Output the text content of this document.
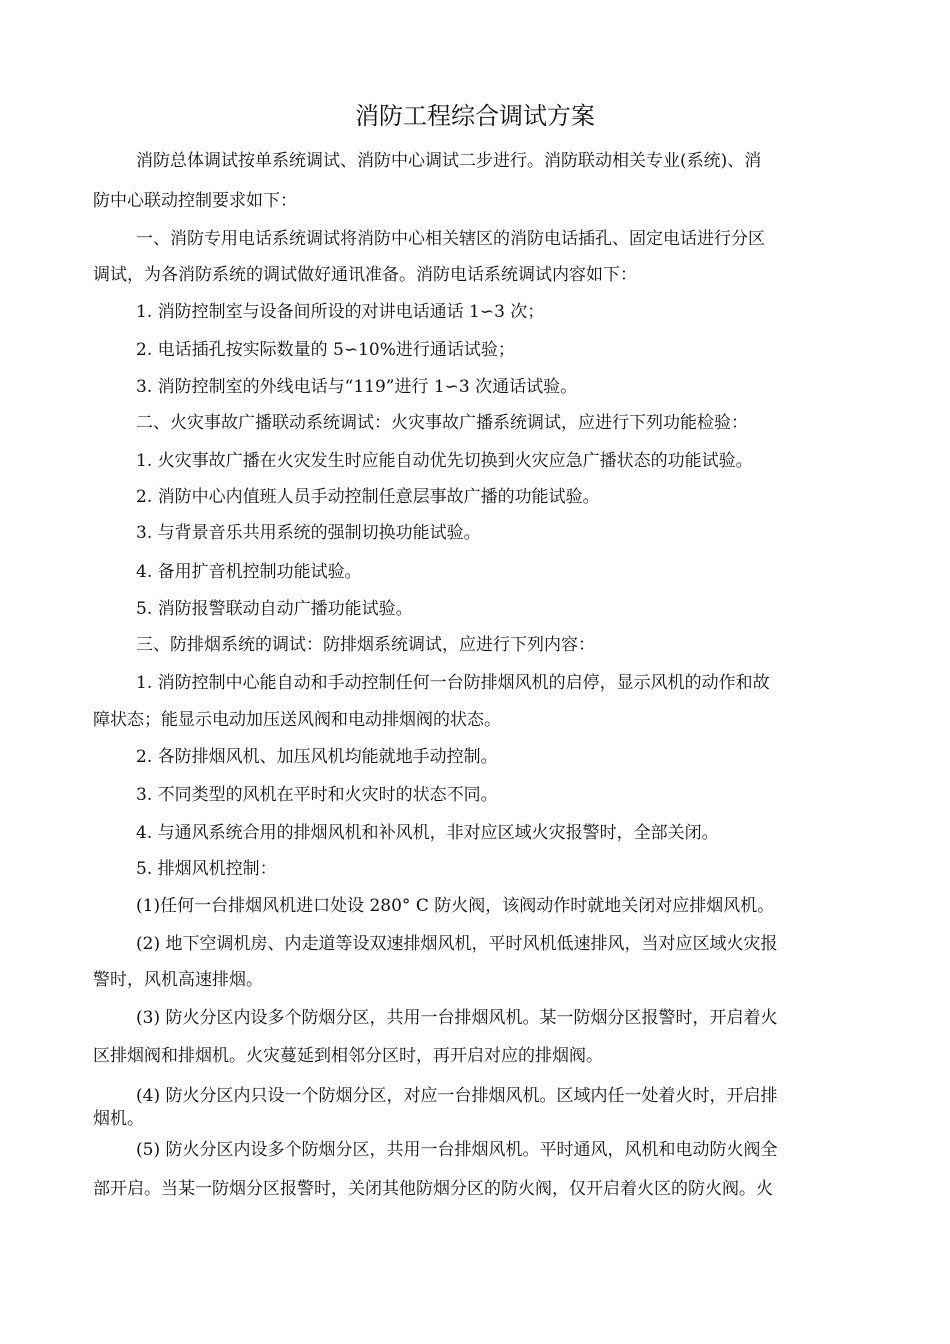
消防工程综合调试方案
消防总体调试按单系统调试、消防中心调试二步进行。消防联动相关专业(系统)、消
防中心联动控制要求如下：
一、消防专用电话系统调试将消防中心相关辖区的消防电话插孔、固定电话进行分区
调试，为各消防系统的调试做好通讯准备。消防电话系统调试内容如下：
1. 消防控制室与设备间所设的对讲电话通话 1∽3 次；
2. 电话插孔按实际数量的 5∽10%进行通话试验；
3. 消防控制室的外线电话与“119”进行 1∽3 次通话试验。
二、火灾事故广播联动系统调试：火灾事故广播系统调试，应进行下列功能检验：
1. 火灾事故广播在火灾发生时应能自动优先切换到火灾应急广播状态的功能试验。
2. 消防中心内值班人员手动控制任意层事故广播的功能试验。
3. 与背景音乐共用系统的强制切换功能试验。
4. 备用扩音机控制功能试验。
5. 消防报警联动自动广播功能试验。
三、防排烟系统的调试：防排烟系统调试，应进行下列内容：
1. 消防控制中心能自动和手动控制任何一台防排烟风机的启停，显示风机的动作和故
障状态；能显示电动加压送风阀和电动排烟阀的状态。
2. 各防排烟风机、加压风机均能就地手动控制。
3. 不同类型的风机在平时和火灾时的状态不同。
4. 与通风系统合用的排烟风机和补风机，非对应区域火灾报警时，全部关闭。
5. 排烟风机控制：
(1)任何一台排烟风机进口处设 280° C 防火阀，该阀动作时就地关闭对应排烟风机。
(2) 地下空调机房、内走道等设双速排烟风机，平时风机低速排风，当对应区域火灾报
警时，风机高速排烟。
(3) 防火分区内设多个防烟分区，共用一台排烟风机。某一防烟分区报警时，开启着火
区排烟阀和排烟机。火灾蔓延到相邻分区时，再开启对应的排烟阀。
(4) 防火分区内只设一个防烟分区，对应一台排烟风机。区域内任一处着火时，开启排
烟机。
(5) 防火分区内设多个防烟分区，共用一台排烟风机。平时通风，风机和电动防火阀全
部开启。当某一防烟分区报警时，关闭其他防烟分区的防火阀，仅开启着火区的防火阀。火
